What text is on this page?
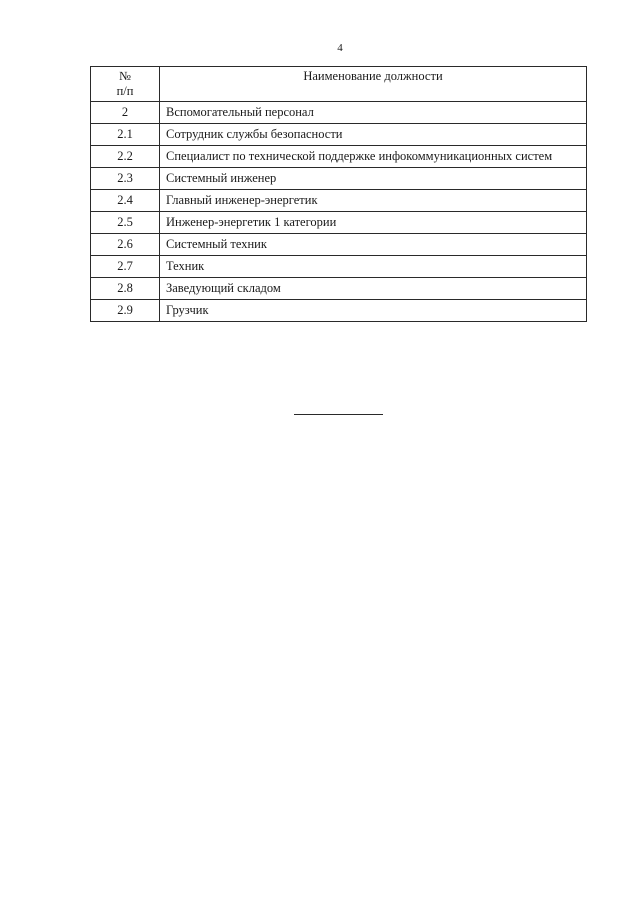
4
№
п/п	Наименование должности
2	Вспомогательный персонал
2.1	Сотрудник службы безопасности
2.2	Специалист по технической поддержке инфокоммуникационных систем
2.3	Системный инженер
2.4	Главный инженер-энергетик
2.5	Инженер-энергетик 1 категории
2.6	Системный техник
2.7	Техник
2.8	Заведующий складом
2.9	Грузчик
